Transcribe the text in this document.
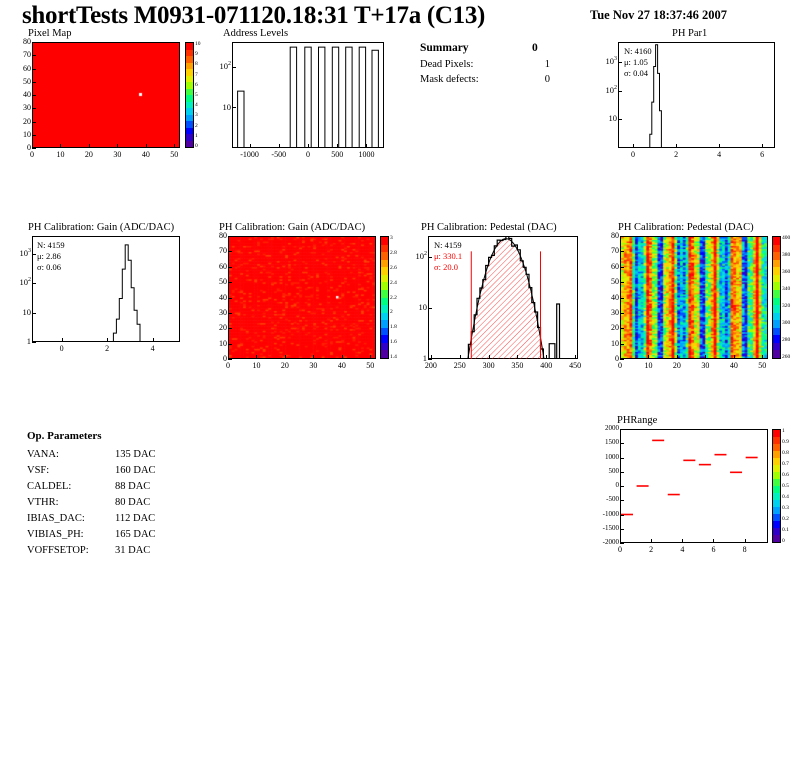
shortTests M0931-071120.18:31 T+17a (C13)	Tue Nov 27 18:37:46 2007
Summary	0
Dead Pixels:	1
Mask defects:	0
Pixel Map
10
9
8
7
6
5
4
3
2
1
0
0	10	20	30	40	50
0
10
20
30
40
50
60
70
80
Address Levels
-1000	-500	0	500	1000
10
$10^2$
PH Par1
N: 4160
μ: 1.05
σ: 0.04
0	2	4	6
10
$10^2$
$10^3$
PH Calibration: Gain (ADC/DAC)
N: 4159
μ: 2.86
σ: 0.06
0	2	4
1
10
$10^2$
$10^3$
PH Calibration: Gain (ADC/DAC)
3
2.8
2.6
2.4
2.2
2
1.8
1.6
1.4
0	10	20	30	40	50
0
10
20
30
40
50
60
70
80
PH Calibration: Pedestal (DAC)
N: 4159
μ: 330.1
σ: 20.0
200	250	300	350	400	450
1
10
$10^2$
PH Calibration: Pedestal (DAC)
400
380
360
340
320
300
280
260
0	10	20	30	40	50
0
10
20
30
40
50
60
70
80
PHRange
1
0.9
0.8
0.7
0.6
0.5
0.4
0.3
0.2
0.1
0
0	2	4	6	8
-2000
-1500
-1000
-500
0
500
1000
1500
2000
Op. Parameters
VANA:	135 DAC
VSF:	160 DAC
CALDEL:	88 DAC
VTHR:	80 DAC
IBIAS_DAC:	112 DAC
VIBIAS_PH:	165 DAC
VOFFSETOP:	31 DAC
